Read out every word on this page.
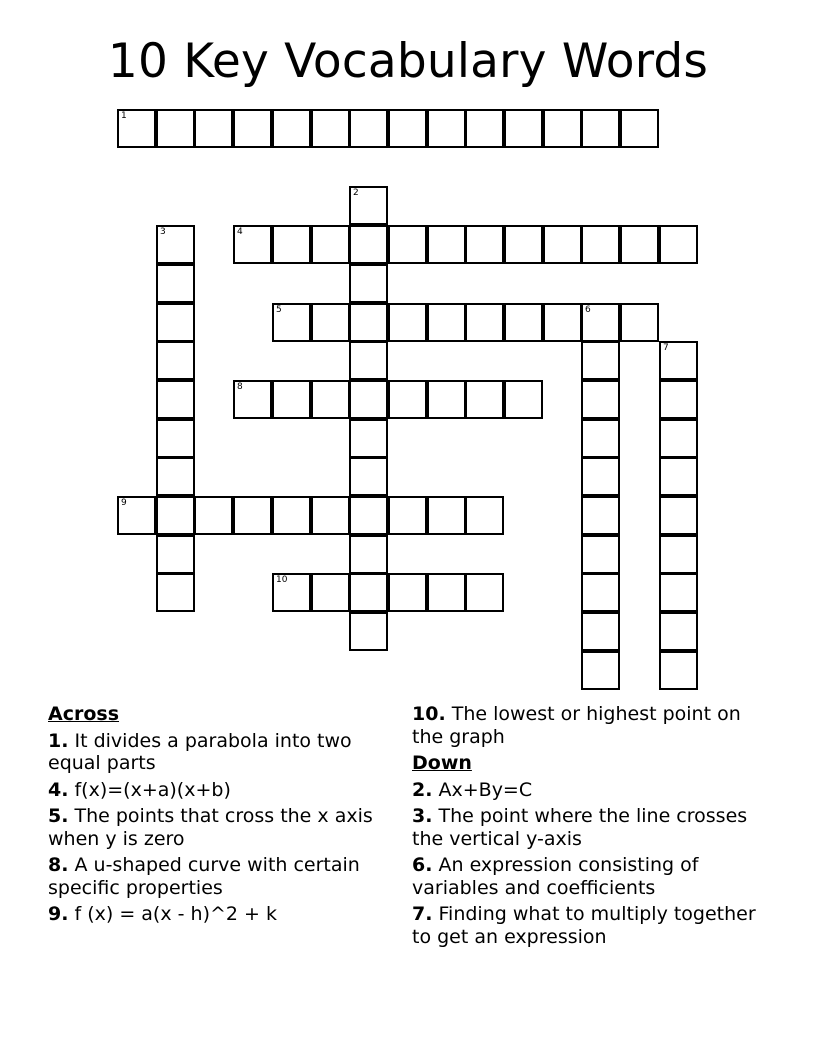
10 Key Vocabulary Words
1
2
3	4
5	6
7
8
9
10
Across
1. It divides a parabola into two equal parts
4. f(x)=(x+a)(x+b)
5. The points that cross the x axis when y is zero
8. A u-shaped curve with certain specific properties
9. f (x) = a(x - h)^2 + k
10. The lowest or highest point on the graph
Down
2. Ax+By=C
3. The point where the line crosses the vertical y-axis
6. An expression consisting of variables and coefficients
7. Finding what to multiply together to get an expression
